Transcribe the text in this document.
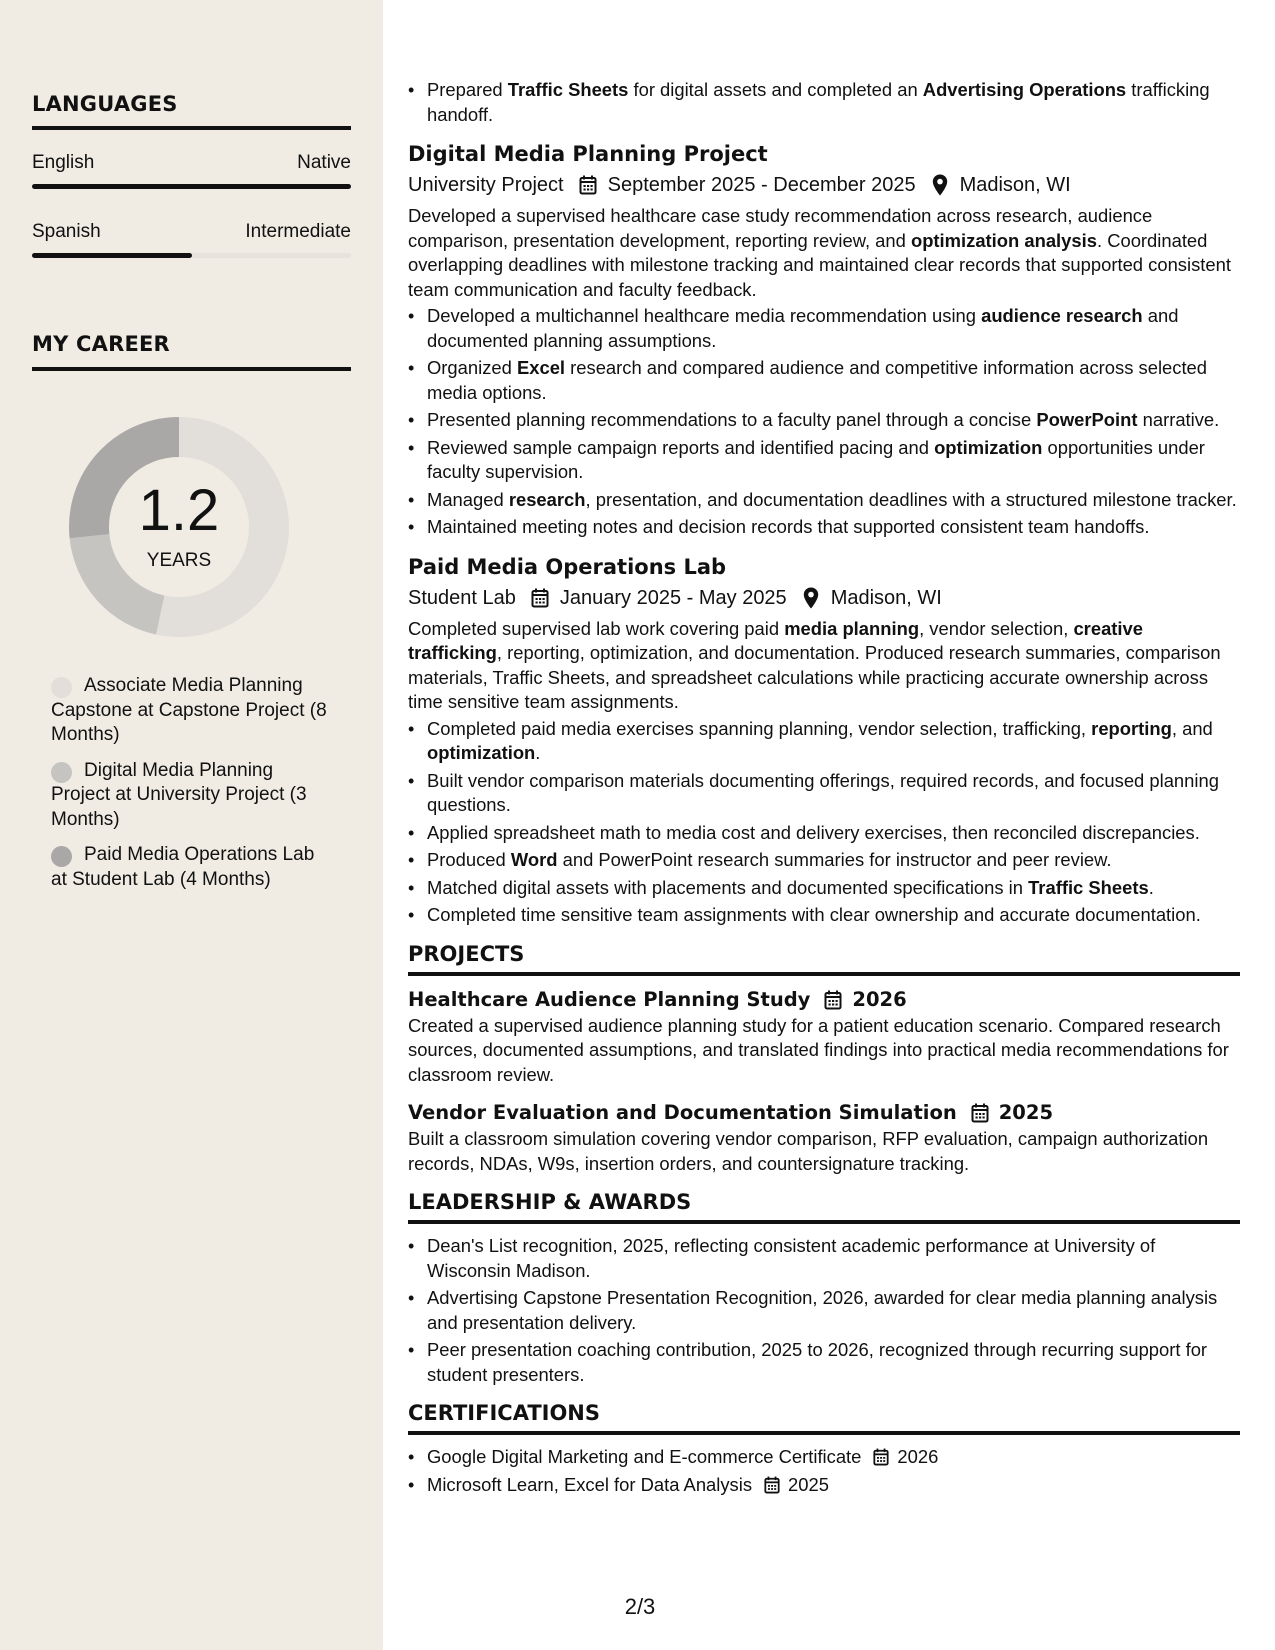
LANGUAGES
English	Native
Spanish	Intermediate
MY CAREER
1.2
YEARS
Associate Media Planning Capstone at Capstone Project (8 Months)
Digital Media Planning Project at University Project (3 Months)
Paid Media Operations Lab at Student Lab (4 Months)
• Prepared Traffic Sheets for digital assets and completed an Advertising Operations trafficking handoff.
Digital Media Planning Project
University Project September 2025 - December 2025 Madison, WI

Developed a supervised healthcare case study recommendation across research, audience comparison, presentation development, reporting review, and optimization analysis. Coordinated overlapping deadlines with milestone tracking and maintained clear records that supported consistent team communication and faculty feedback.

• Developed a multichannel healthcare media recommendation using audience research and documented planning assumptions.
• Organized Excel research and compared audience and competitive information across selected media options.
• Presented planning recommendations to a faculty panel through a concise PowerPoint narrative.
• Reviewed sample campaign reports and identified pacing and optimization opportunities under faculty supervision.
• Managed research, presentation, and documentation deadlines with a structured milestone tracker.
• Maintained meeting notes and decision records that supported consistent team handoffs.
Paid Media Operations Lab
Student Lab January 2025 - May 2025 Madison, WI

Completed supervised lab work covering paid media planning, vendor selection, creative trafficking, reporting, optimization, and documentation. Produced research summaries, comparison materials, Traffic Sheets, and spreadsheet calculations while practicing accurate ownership across time sensitive team assignments.

• Completed paid media exercises spanning planning, vendor selection, trafficking, reporting, and optimization.
• Built vendor comparison materials documenting offerings, required records, and focused planning questions.
• Applied spreadsheet math to media cost and delivery exercises, then reconciled discrepancies.
• Produced Word and PowerPoint research summaries for instructor and peer review.
• Matched digital assets with placements and documented specifications in Traffic Sheets.
• Completed time sensitive team assignments with clear ownership and accurate documentation.
PROJECTS
Healthcare Audience Planning Study 2026

Created a supervised audience planning study for a patient education scenario. Compared research sources, documented assumptions, and translated findings into practical media recommendations for classroom review.

Vendor Evaluation and Documentation Simulation 2025

Built a classroom simulation covering vendor comparison, RFP evaluation, campaign authorization records, NDAs, W9s, insertion orders, and countersignature tracking.

LEADERSHIP & AWARDS
• Dean's List recognition, 2025, reflecting consistent academic performance at University of Wisconsin Madison.
• Advertising Capstone Presentation Recognition, 2026, awarded for clear media planning analysis and presentation delivery.
• Peer presentation coaching contribution, 2025 to 2026, recognized through recurring support for student presenters.
CERTIFICATIONS
• Google Digital Marketing and E-commerce Certificate 2026
• Microsoft Learn, Excel for Data Analysis 2025
2/3
